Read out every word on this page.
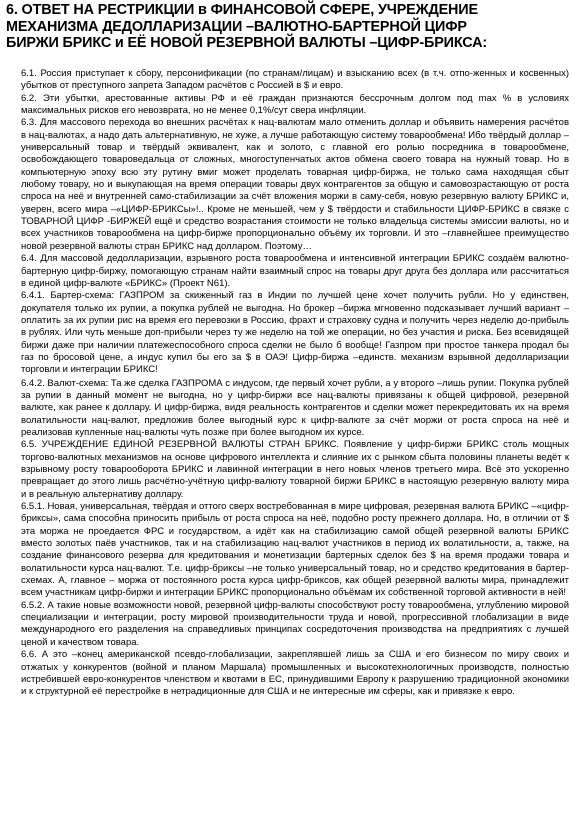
6. ОТВЕТ НА РЕСТРИКЦИИ в ФИНАНСОВОЙ СФЕРЕ, УЧРЕЖДЕНИЕ
МЕХАНИЗМА ДЕДОЛЛАРИЗАЦИИ –ВАЛЮТНО-БАРТЕРНОЙ ЦИФР
БИРЖИ БРИКС и ЕЁ НОВОЙ РЕЗЕРВНОЙ ВАЛЮТЫ –ЦИФР-БРИКСА:

6.1. Россия приступает к сбору, персонификации (по странам/лицам) и взысканию всех (в т.ч. отпо-женных и косвенных) убытков от преступного запрета Западом расчётов с Россией в $ и евро.

6.2. Эти убытки, арестованные активы РФ и её граждан признаются бессрочным долгом под max % в условиях максимальных рисков его невозврата, но не менее 0,1%/сут свера инфляции.

6.3. Для массового перехода во внешних расчётах к нац-валютам мало отменить доллар и объявить намерения расчётов в нац-валютах, а надо дать альтернативную, не хуже, а лучше работающую систему товарообмена! Ибо твёрдый доллар –универсальный товар и твёрдый эквивалент, как и золото, с главной его ролью посредника в товарообмене, освобождающего товароведальца от сложных, многоступенчатых актов обмена своего товара на нужный товар. Но в компьютерную эпоху всю эту рутину вмиг может проделать товарная цифр-биржа, не только сама находящая сбыт любому товару, но и выкупающая на время операции товары двух контрагентов за общую и самовозрастающую от роста спроса на неё и внутренней само-стабилизации за счёт вложения моржи в саму-себя, новую резервную валюту БРИКС и, уверен, всего мира –«ЦИФР-БРИКСы»!.. Кроме не меньшей, чем у $ твёрдости и стабильности ЦИФР-БРИКС в связке с ТОВАРНОЙ ЦИФР -БИРЖЕЙ ещё и средство возрастания стоимости не только владельца системы эмиссии валюты, но и всех участников товарообмена на цифр-бирже пропорционально объёму их торговли. И это –главнейшее преимущество новой резервной валюты стран БРИКС над долларом. Поэтому…

6.4. Для массовой дедолларизации, взрывного роста товарообмена и интенсивной интеграции БРИКС создаём валютно-бартерную цифр-биржу, помогающую странам найти взаимный спрос на товары друг друга без доллара или рассчитаться в единой цифр-валюте «БРИКС» (Проект N61).

6.4.1. Бартер-схема: ГАЗПРОМ за скиженный газ в Индии по лучшей цене хочет получить рубли. Но у единствен, докупателя только их рупии, а покупка рублей не выгодна. Но брокер –биржа мгновенно подсказывает лучший вариант –оплатить за их рупии рис на время его перевозки в Россию, фрахт и страховку судна и получить через неделю до-прибыль в рублях. Или чуть меньше доп-прибыли через ту же неделю на той же операции, но без участия и риска. Без всевидящей биржи даже при наличии платежеспособного спроса сделки не было б вообще! Газпром при простое танкера продал бы газ по бросовой цене, а индус купил бы его за $ в ОАЭ! Цифр-биржа –единств. механизм взрывной дедолларизации торговли и интеграции БРИКС!

6.4.2. Валют-схема: Та же сделка ГАЗПРОМА с индусом, где первый хочет рубли, а у второго –лишь рупии. Покупка рублей за рупии в данный момент не выгодна, но у цифр-биржи все нац-валюты привязаны к общей цифровой, резервной валюте, как ранее к доллару. И цифр-биржа, видя реальность контрагентов и сделки может перекредитовать их на время волатильности нац-валют, предложив более выгодный курс к цифр-валюте за счёт моржи от роста спроса на неё и реализовав купленные нац-валюты чуть позже при более выгодном их курсе.

6.5. УЧРЕЖДЕНИЕ ЕДИНОЙ РЕЗЕРВНОЙ ВАЛЮТЫ СТРАН БРИКС. Появление у цифр-биржи БРИКС столь мощных торгово-валютных механизмов на основе цифрового интеллекта и слияние их с рынком сбыта половины планеты ведёт к взрывному росту товарооборота БРИКС и лавинной интеграции в него новых членов третьего мира. Всё это ускоренно превращает до этого лишь расчётно-учётную цифр-валюту товарной биржи БРИКС в настоящую резервную валюту мира и в реальную альтернативу доллару.

6.5.1. Новая, универсальная, твёрдая и оттого сверх востребованная в мире цифровая, резервная валюта БРИКС –«цифр-бриксы», сама способна приносить прибыль от роста спроса на неё, подобно росту прежнего доллара. Но, в отличии от $ эта моржа не проедается ФРС и государством, а идёт как на стабилизацию самой общей резервной валюты БРИКС вместо золотых паёв участников, так и на стабилизацию нац-валют участников в период их волатильности, а, также, на создание финансового резерва для кредитования и монетизации бартерных сделок без $ на время продажи товара и волатильности курса нац-валют. Т.е. цифр-бриксы –не только универсальный товар, но и средство кредитования в бартер-схемах. А, главное – моржа от постоянного роста курса цифр-бриксов, как общей резервной валюты мира, принадлежит всем участникам цифр-биржи и интеграции БРИКС пропорционально объёмам их собственной торговой активности в ней!

6.5.2. А такие новые возможности новой, резервной цифр-валюты способствуют росту товарообмена, углублению мировой специализации и интеграции, росту мировой производительности труда и новой, прогрессивной глобализации в виде международного его разделения на справедливых принципах сосредоточения производства на предприятиях с лучшей ценой и качеством товара.

6.6. А это –конец американской псевдо-глобализации, закреплявшей лишь за США и его бизнесом по миру своих и отжатых у конкурентов (войной и планом Маршала) промышленных и высокотехнологичных производств, полностью истребившей евро-конкурентов членством и квотами в ЕС, принудившими Европу к разрушению традиционной экономики и к структурной её перестройке в нетрадиционные для США и не интересные им сферы, как и привязке к евро.
